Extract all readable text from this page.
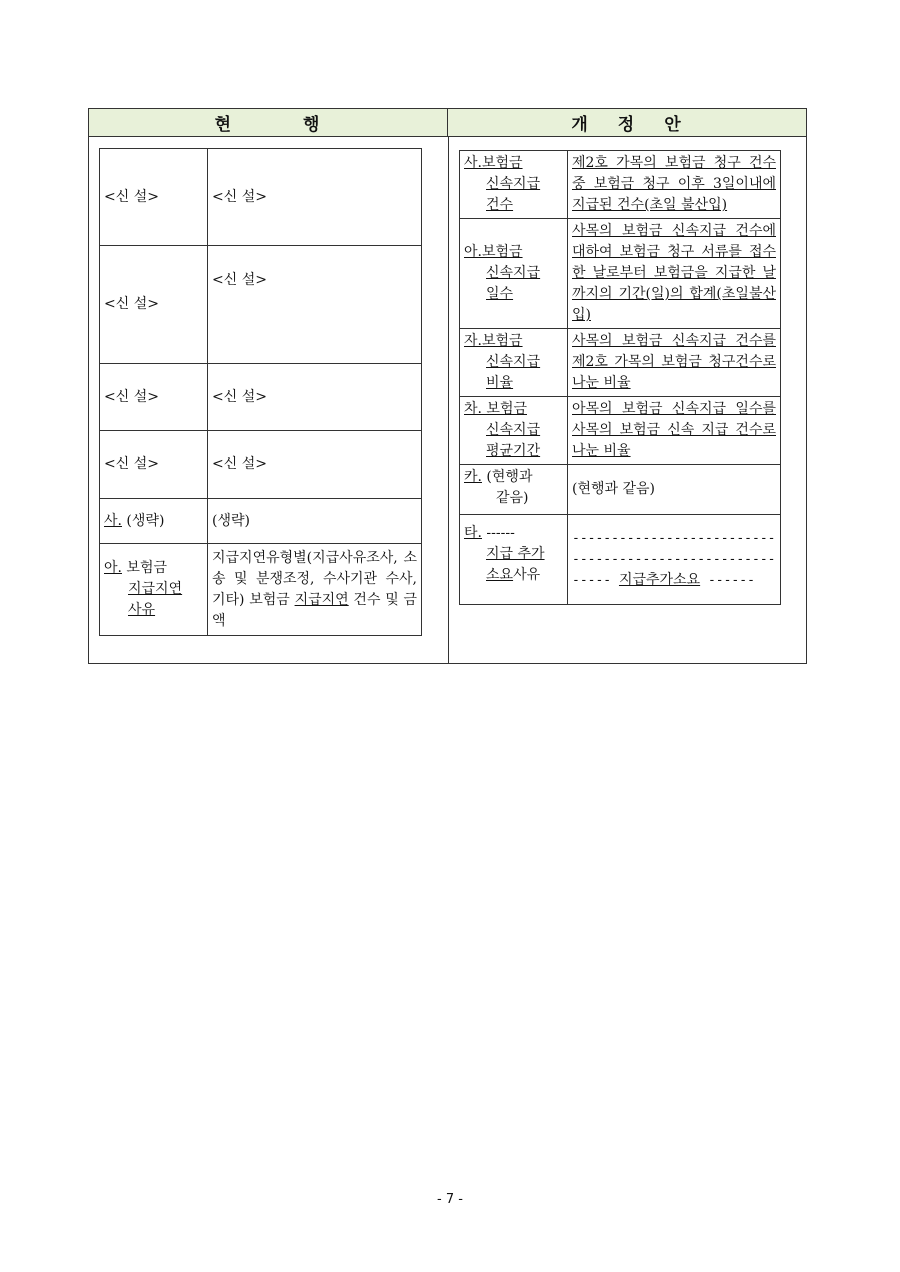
현	행	개 정 안
<신 설>	<신 설>
<신 설>	<신 설>
<신 설>	<신 설>
<신 설>	<신 설>
사. (생략)	(생략)
아. 보험금

지급지연
사유	지급지연유형별(지급사유조사, 소송 및 분쟁조정, 수사기관 수사, 기타) 보험금 지급지연 건수 및 금액
사.보험금
신속지급
건수	제2호 가목의 보험금 청구 건수 중 보험금 청구 이후 3일이내에 지급된 건수(초일 불산입)
아.보험금
신속지급
일수	사목의 보험금 신속지급 건수에 대하여 보험금 청구 서류를 접수한 날로부터 보험금을 지급한 날까지의 기간(일)의 합계(초일불산입)
자.보험금
신속지급
비율	사목의 보험금 신속지급 건수를 제2호 가목의 보험금 청구건수로 나눈 비율
차. 보험금
신속지급
평균기간	아목의 보험금 신속지급 일수를 사목의 보험금 신속 지급 건수로 나눈 비율
카. (현행과
같음)	(현행과 같음)
타. ------
지급 추가
소요사유	--------------------------------------------------------- 지급추가소요 ------
- 7 -
